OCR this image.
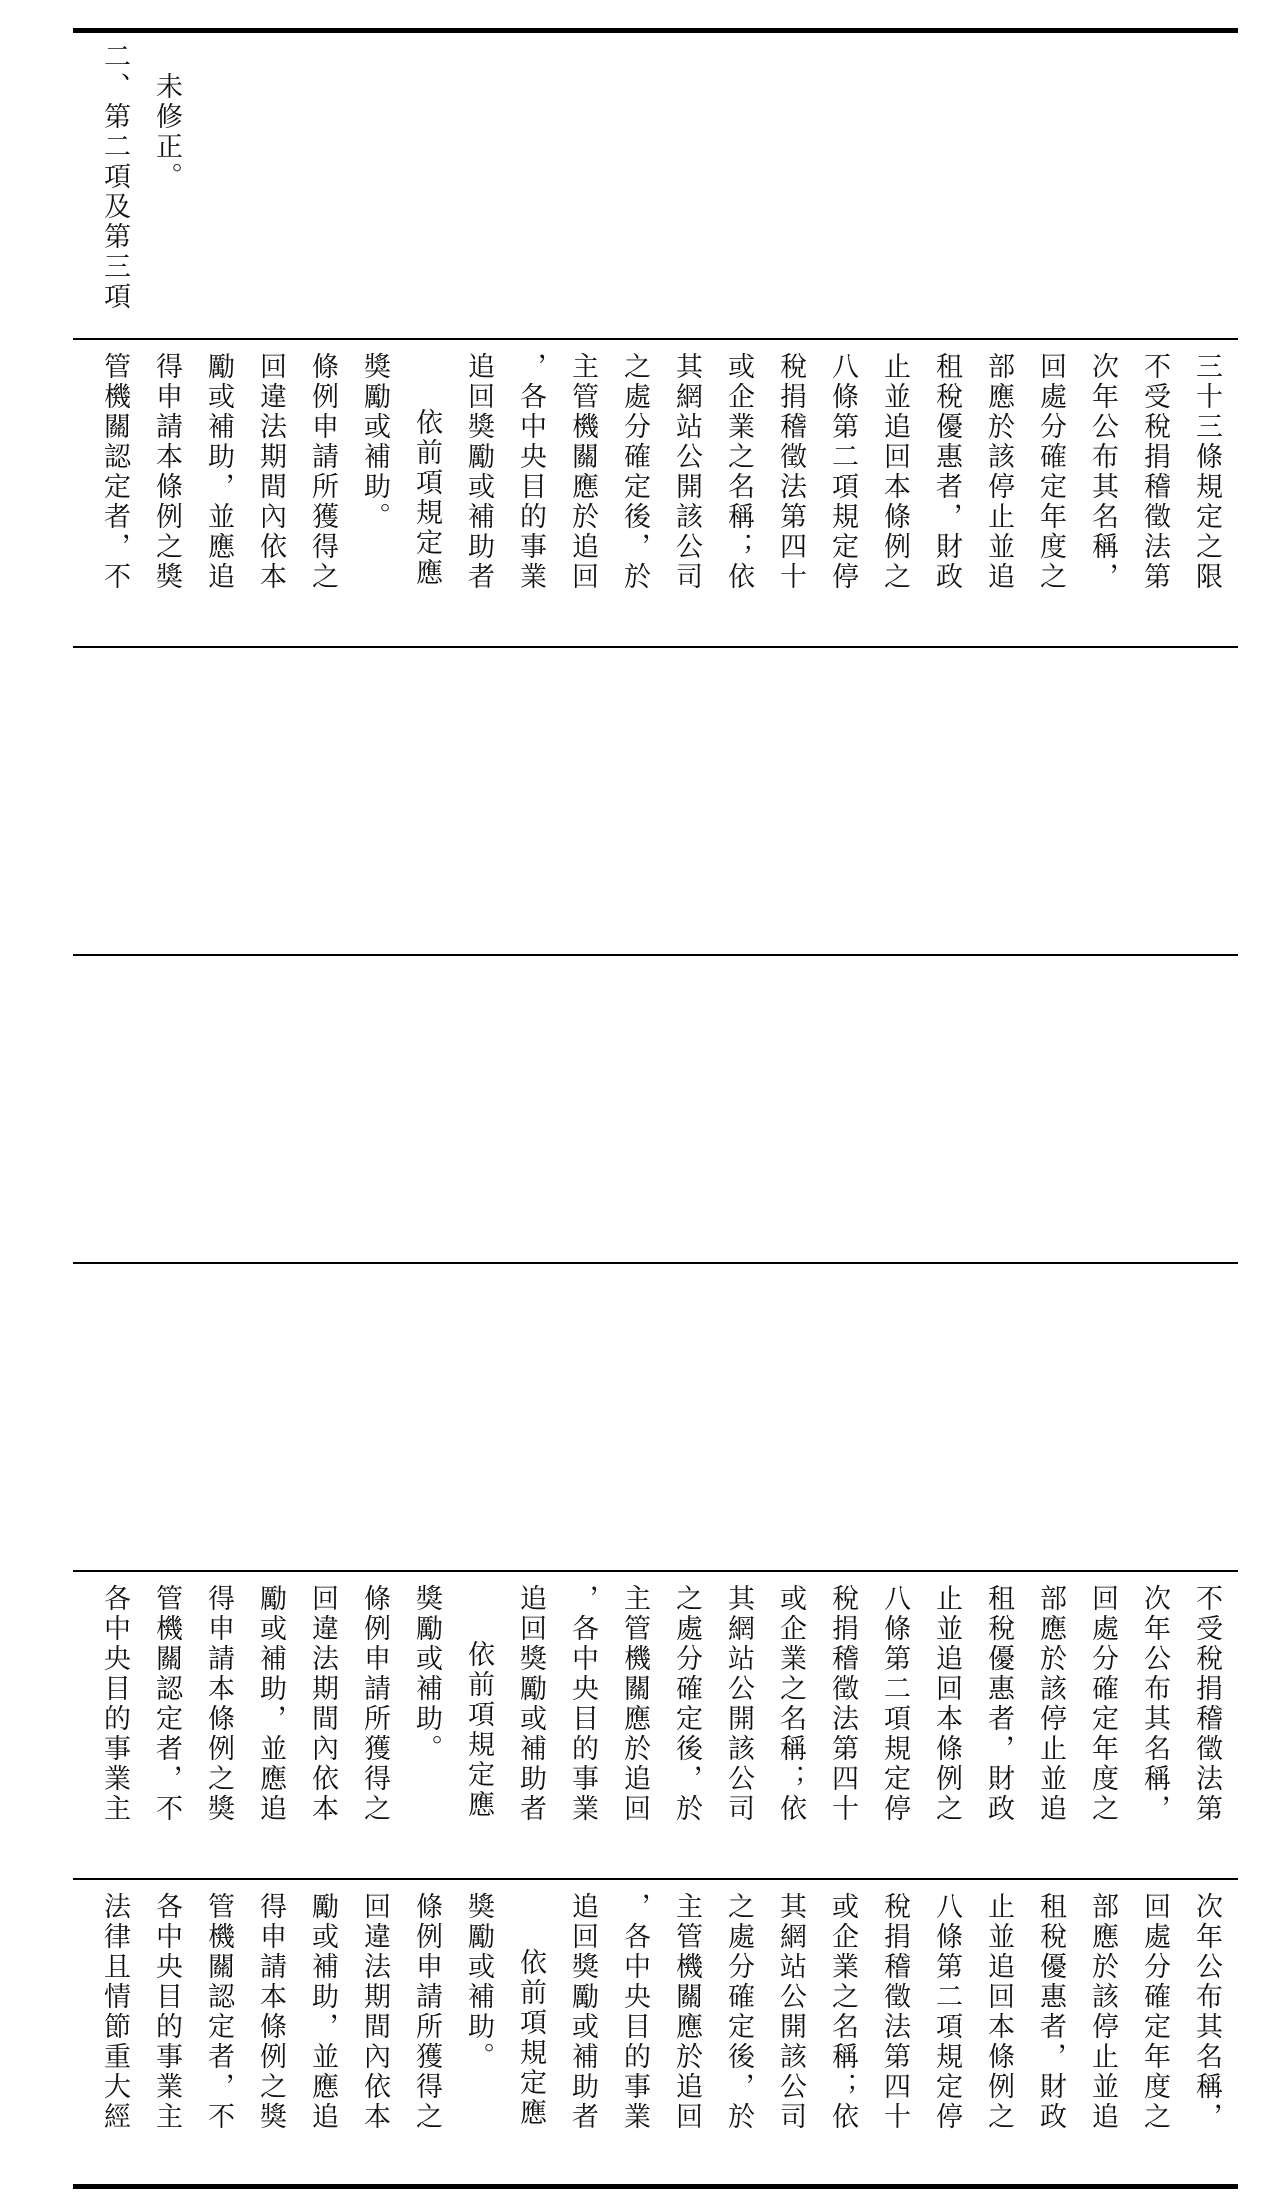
二、第二項及第三項 未修正。
管機關認定者，不 得申請本條例之獎 勵或補助，並應追 回違法期間內依本 條例申請所獲得之 獎勵或補助。 依前項規定應 追回獎勵或補助者 ，各中央目的事業 主管機關應於追回 之處分確定後，於 其網站公開該公司 或企業之名稱；依 稅捐稽徵法第四十 八條第二項規定停 止並追回本條例之 租稅優惠者，財政 部應於該停止並追 回處分確定年度之 次年公布其名稱， 不受稅捐稽徵法第 三十三條規定之限
各中央目的事業主 管機關認定者，不 得申請本條例之獎 勵或補助，並應追 回違法期間內依本 條例申請所獲得之 獎勵或補助。 依前項規定應 追回獎勵或補助者 ，各中央目的事業 主管機關應於追回 之處分確定後，於 其網站公開該公司 或企業之名稱；依 稅捐稽徵法第四十 八條第二項規定停 止並追回本條例之 租稅優惠者，財政 部應於該停止並追 回處分確定年度之 次年公布其名稱， 不受稅捐稽徵法第
法律且情節重大經 各中央目的事業主 管機關認定者，不 得申請本條例之獎 勵或補助，並應追 回違法期間內依本 條例申請所獲得之 獎勵或補助。 依前項規定應 追回獎勵或補助者 ，各中央目的事業 主管機關應於追回 之處分確定後，於 其網站公開該公司 或企業之名稱；依 稅捐稽徵法第四十 八條第二項規定停 止並追回本條例之 租稅優惠者，財政 部應於該停止並追 回處分確定年度之 次年公布其名稱，
